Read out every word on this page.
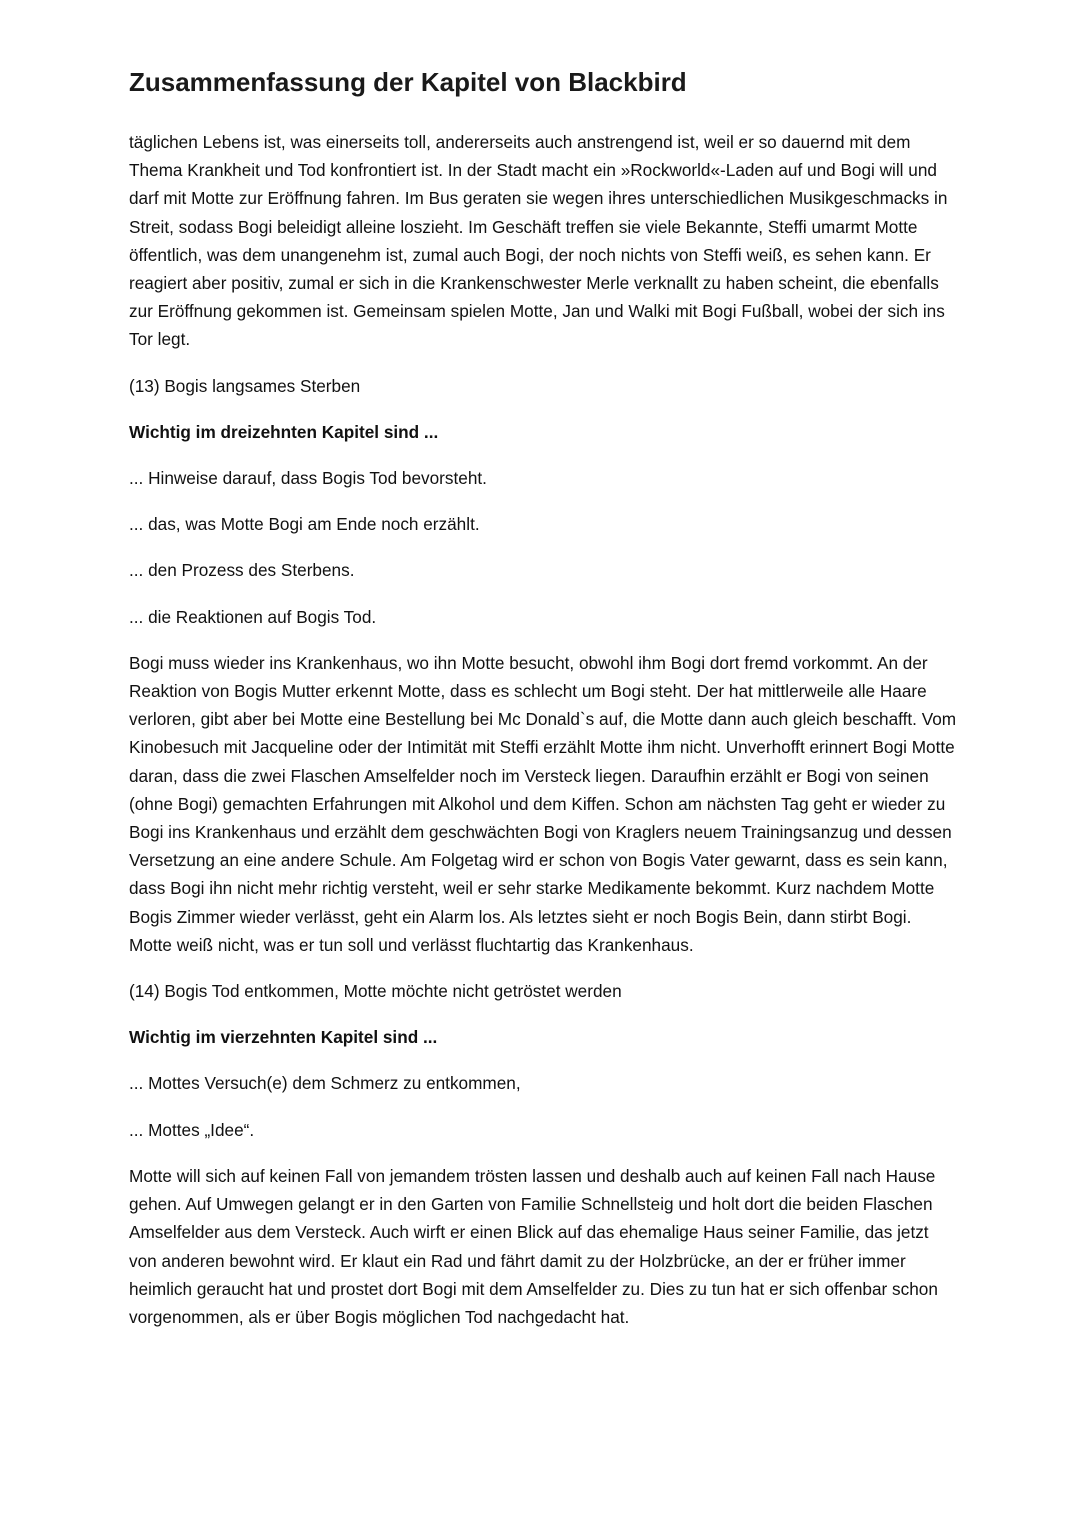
Zusammenfassung der Kapitel von Blackbird

täglichen Lebens ist, was einerseits toll, andererseits auch anstrengend ist, weil er so dauernd mit dem Thema Krankheit und Tod konfrontiert ist. In der Stadt macht ein »Rockworld«-Laden auf und Bogi will und darf mit Motte zur Eröffnung fahren. Im Bus geraten sie wegen ihres unterschiedlichen Musikgeschmacks in Streit, sodass Bogi beleidigt alleine loszieht. Im Geschäft treffen sie viele Bekannte, Steffi umarmt Motte öffentlich, was dem unangenehm ist, zumal auch Bogi, der noch nichts von Steffi weiß, es sehen kann. Er reagiert aber positiv, zumal er sich in die Krankenschwester Merle verknallt zu haben scheint, die ebenfalls zur Eröffnung gekommen ist. Gemeinsam spielen Motte, Jan und Walki mit Bogi Fußball, wobei der sich ins Tor legt.

(13) Bogis langsames Sterben

Wichtig im dreizehnten Kapitel sind ...

... Hinweise darauf, dass Bogis Tod bevorsteht.

... das, was Motte Bogi am Ende noch erzählt.

... den Prozess des Sterbens.

... die Reaktionen auf Bogis Tod.

Bogi muss wieder ins Krankenhaus, wo ihn Motte besucht, obwohl ihm Bogi dort fremd vorkommt. An der Reaktion von Bogis Mutter erkennt Motte, dass es schlecht um Bogi steht. Der hat mittlerweile alle Haare verloren, gibt aber bei Motte eine Bestellung bei Mc Donald`s auf, die Motte dann auch gleich beschafft. Vom Kinobesuch mit Jacqueline oder der Intimität mit Steffi erzählt Motte ihm nicht. Unverhofft erinnert Bogi Motte daran, dass die zwei Flaschen Amselfelder noch im Versteck liegen. Daraufhin erzählt er Bogi von seinen (ohne Bogi) gemachten Erfahrungen mit Alkohol und dem Kiffen. Schon am nächsten Tag geht er wieder zu Bogi ins Krankenhaus und erzählt dem geschwächten Bogi von Kraglers neuem Trainingsanzug und dessen Versetzung an eine andere Schule. Am Folgetag wird er schon von Bogis Vater gewarnt, dass es sein kann, dass Bogi ihn nicht mehr richtig versteht, weil er sehr starke Medikamente bekommt. Kurz nachdem Motte Bogis Zimmer wieder verlässt, geht ein Alarm los. Als letztes sieht er noch Bogis Bein, dann stirbt Bogi. Motte weiß nicht, was er tun soll und verlässt fluchtartig das Krankenhaus.

(14) Bogis Tod entkommen, Motte möchte nicht getröstet werden

Wichtig im vierzehnten Kapitel sind ...

... Mottes Versuch(e) dem Schmerz zu entkommen,

... Mottes „Idee“.

Motte will sich auf keinen Fall von jemandem trösten lassen und deshalb auch auf keinen Fall nach Hause gehen. Auf Umwegen gelangt er in den Garten von Familie Schnellsteig und holt dort die beiden Flaschen Amselfelder aus dem Versteck. Auch wirft er einen Blick auf das ehemalige Haus seiner Familie, das jetzt von anderen bewohnt wird. Er klaut ein Rad und fährt damit zu der Holzbrücke, an der er früher immer heimlich geraucht hat und prostet dort Bogi mit dem Amselfelder zu. Dies zu tun hat er sich offenbar schon vorgenommen, als er über Bogis möglichen Tod nachgedacht hat.
